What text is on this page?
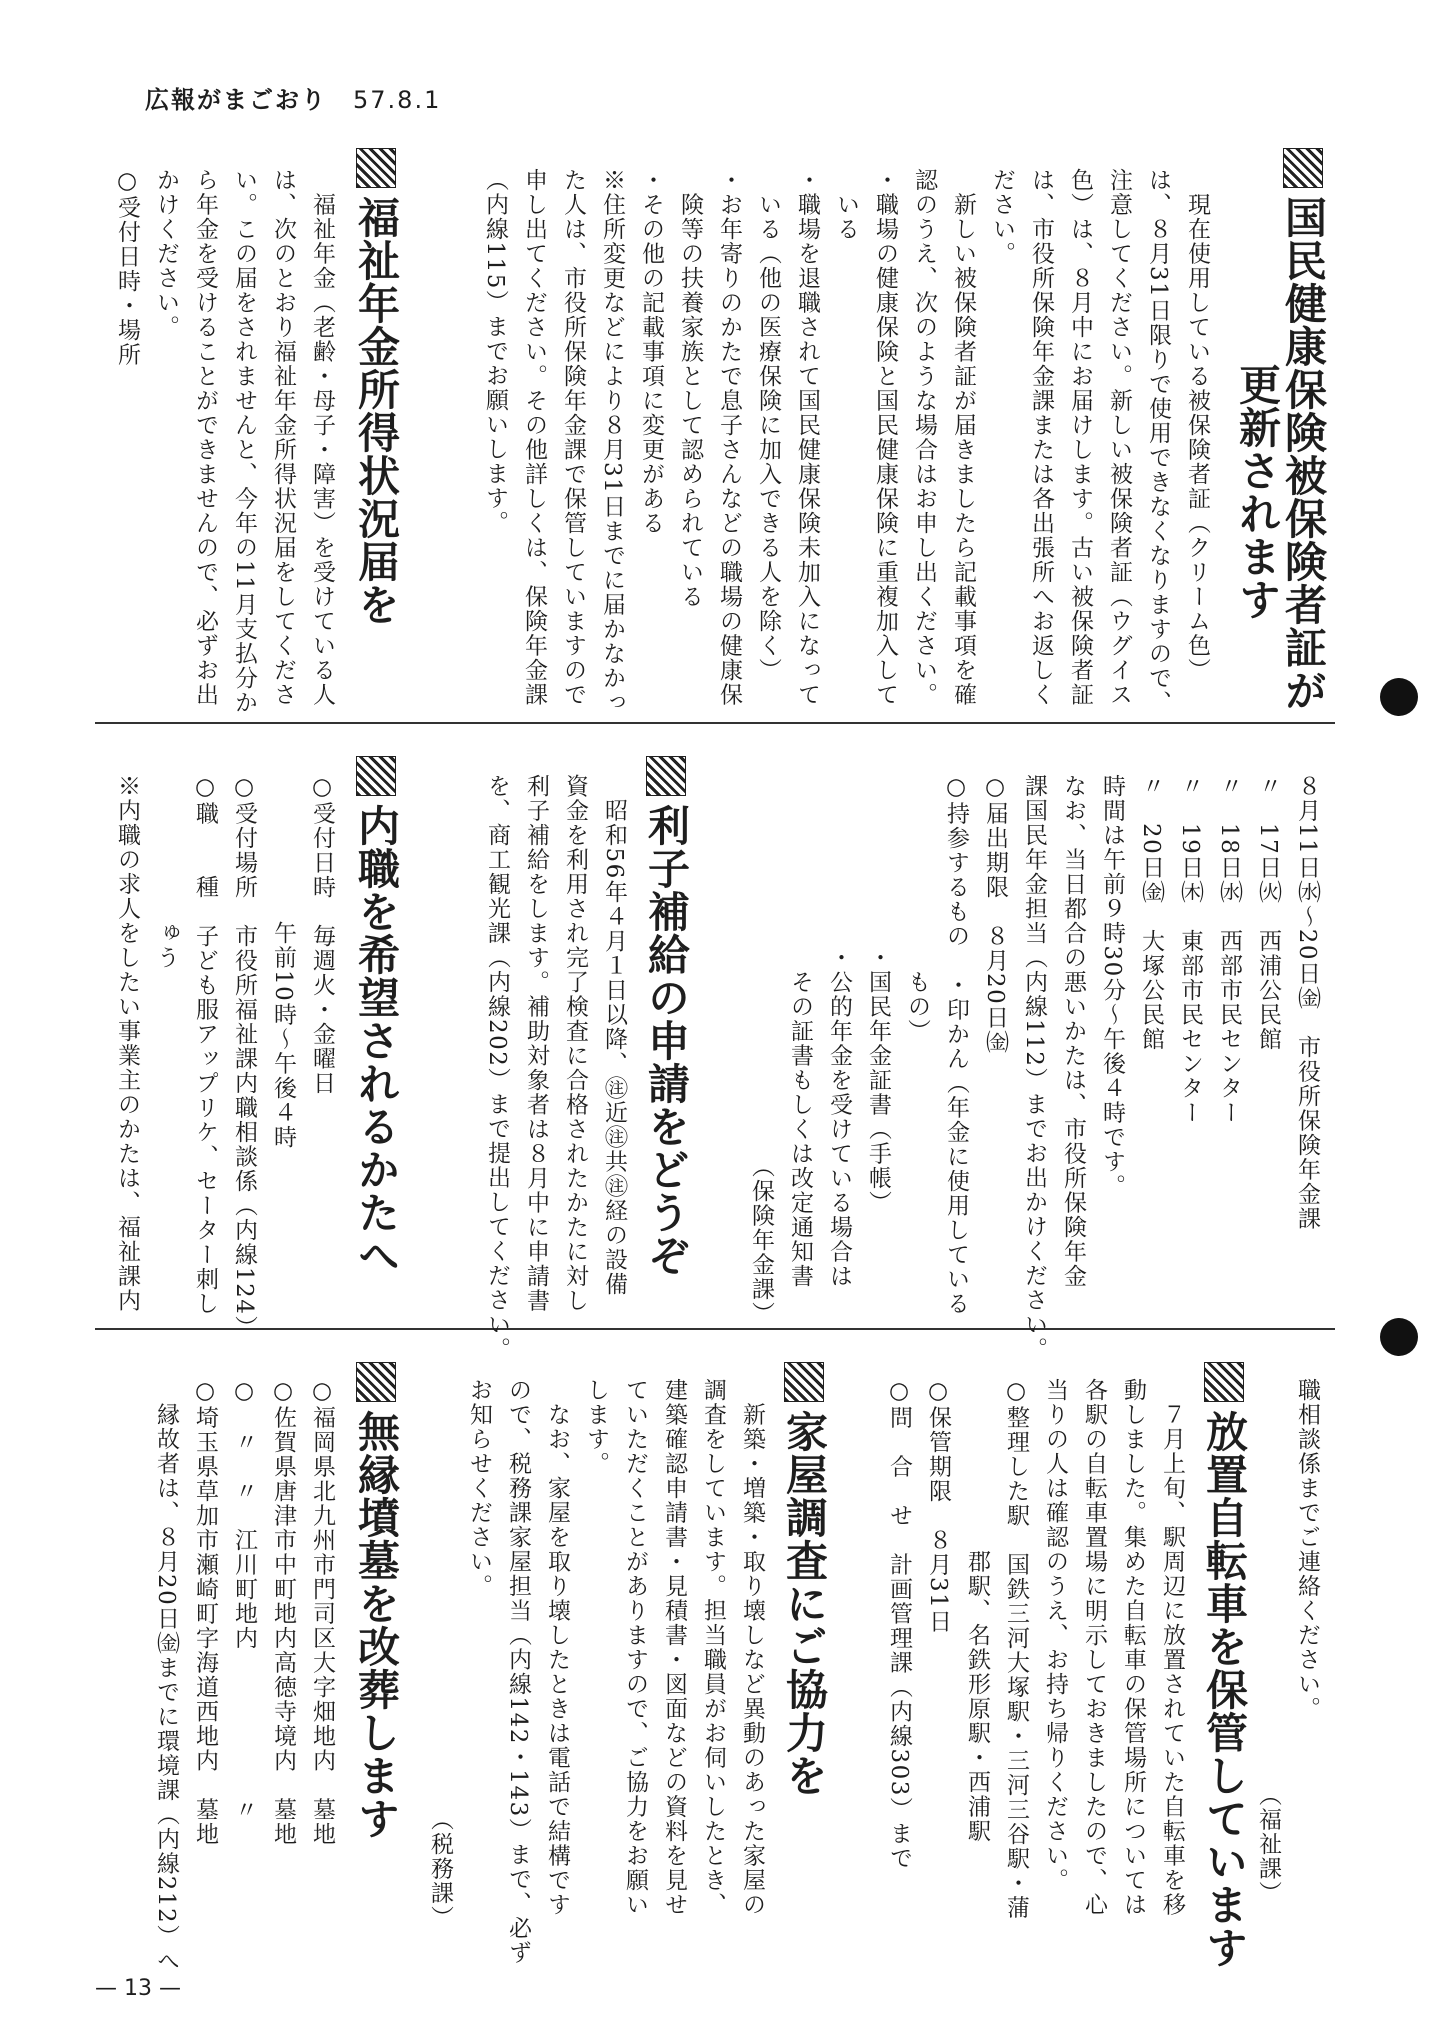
広報がまごおり 57.8.1
国民健康保険被保険者証が
　　　　　更新されます
　現在使用している被保険者証（クリーム色）
は、８月31日限りで使用できなくなりますので、
注意してください。新しい被保険者証（ウグイス
色）は、８月中にお届けします。古い被保険者証
は、市役所保険年金課または各出張所へお返しく
ださい。
　新しい被保険者証が届きましたら記載事項を確
認のうえ、次のような場合はお申し出ください。
・職場の健康保険と国民健康保険に重複加入して
　いる
・職場を退職されて国民健康保険未加入になって
　いる（他の医療保険に加入できる人を除く）
・お年寄りのかたで息子さんなどの職場の健康保
　険等の扶養家族として認められている
・その他の記載事項に変更がある
※住所変更などにより８月31日までに届かなかっ
た人は、市役所保険年金課で保管していますので
申し出てください。その他詳しくは、保険年金課
（内線115）までお願いします。
福祉年金所得状況届を
　福祉年金（老齢・母子・障害）を受けている人
は、次のとおり福祉年金所得状況届をしてくださ
い。この届をされませんと、今年の11月支払分か
ら年金を受けることができませんので、必ずお出
かけください。
○受付日時・場所
８月11日㈬～20日㈮　市役所保険年金課
〃　17日㈫　西浦公民館
〃　18日㈬　西部市民センター
〃　19日㈭　東部市民センター
〃　20日㈮　大塚公民館
時間は午前９時30分～午後４時です。
なお、当日都合の悪いかたは、市役所保険年金
課国民年金担当（内線112）までお出かけください。
○届出期限　８月20日㈮
○持参するもの　・印かん（年金に使用している
　　　　　　　　もの）
　　　　　　　・国民年金証書（手帳）
　　　　　　　・公的年金を受けている場合は
　　　　　　　　その証書もしくは改定通知書
　　　　　　　　　　　　　　　　（保険年金課）
利子補給の申請をどうぞ
　昭和56年４月１日以降、㊟近㊟共㊟経の設備
資金を利用され完了検査に合格されたかたに対し
利子補給をします。補助対象者は８月中に申請書
を、商工観光課（内線202）まで提出してください。
内職を希望されるかたへ
○受付日時　毎週火・金曜日
　　　　　　午前10時～午後４時
○受付場所　市役所福祉課内職相談係（内線124）
○職　　種　子ども服アップリケ、セーター刺し
　　　　　　ゅう
※内職の求人をしたい事業主のかたは、福祉課内
職相談係までご連絡ください。
　　　　　　　　　　　　　　　　　（福祉課）
放置自転車を保管しています
　７月上旬、駅周辺に放置されていた自転車を移
動しました。集めた自転車の保管場所については
各駅の自転車置場に明示しておきましたので、心
当りの人は確認のうえ、お持ち帰りください。
○整理した駅　国鉄三河大塚駅・三河三谷駅・蒲
　　　　　　　郡駅、名鉄形原駅・西浦駅
○保管期限　８月31日
○問　合　せ　計画管理課（内線303）まで
家屋調査にご協力を
　新築・増築・取り壊しなど異動のあった家屋の
調査をしています。担当職員がお伺いしたとき、
建築確認申請書・見積書・図面などの資料を見せ
ていただくことがありますので、ご協力をお願い
します。
　なお、家屋を取り壊したときは電話で結構です
ので、税務課家屋担当（内線142・143）まで、必ず
お知らせください。
　　　　　　　　　　　　　　　　　　（税務課）
無縁墳墓を改葬します
○福岡県北九州市門司区大字畑地内　墓地
○佐賀県唐津市中町地内高徳寺境内　墓地
○　〃　〃　江川町地内　　　　　　〃
○埼玉県草加市瀬崎町字海道西地内　墓地
　縁故者は、８月20日㈮までに環境課（内線212）へ
— 13 —
